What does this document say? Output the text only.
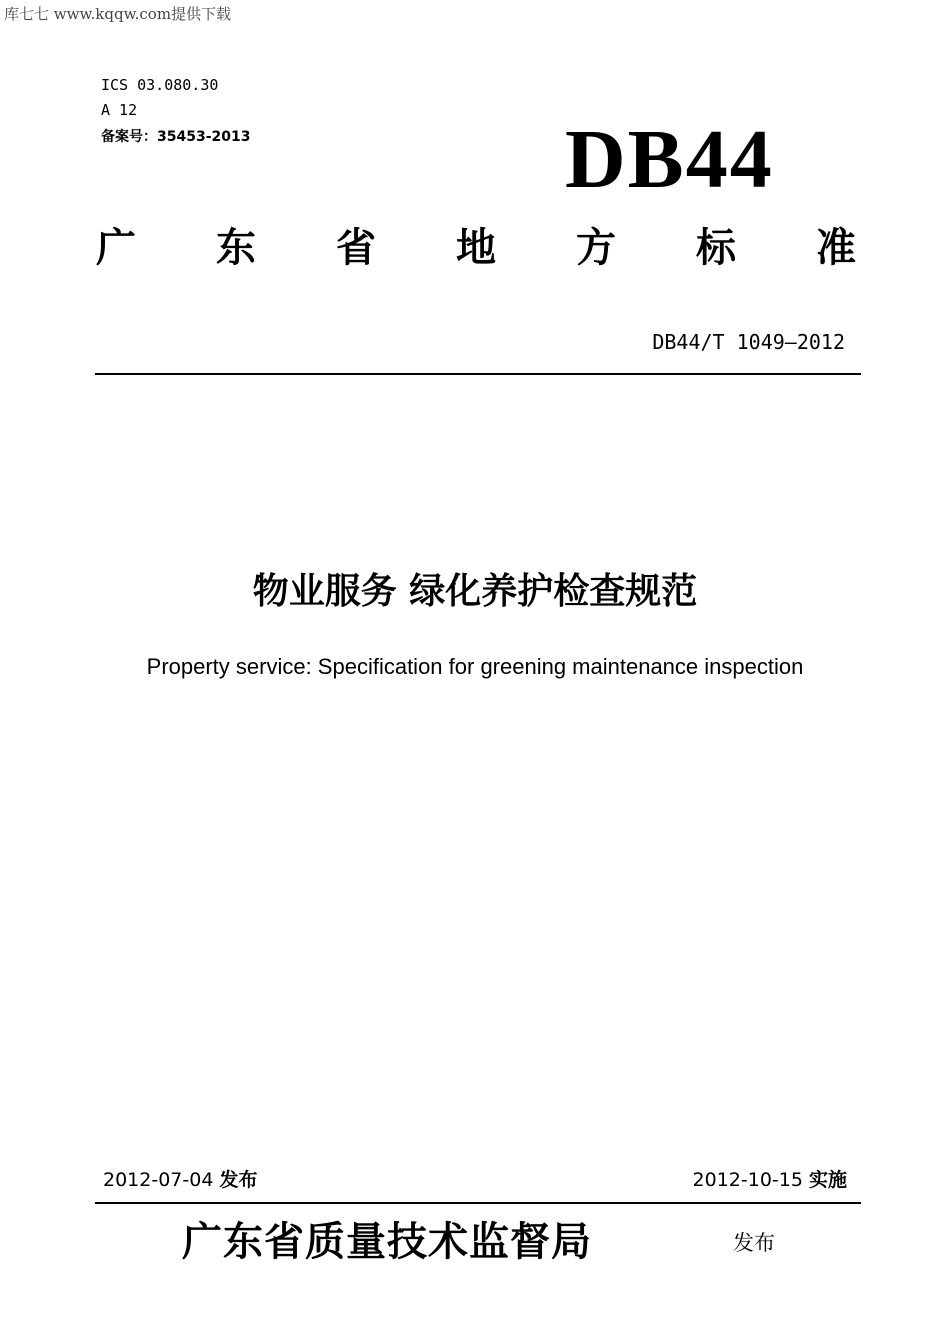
库七七 www.kqqw.com提供下载
ICS 03.080.30
A 12
备案号：35453-2013	DB44
广 东 省 地 方 标 准
DB44/T 1049—2012
物业服务 绿化养护检查规范
Property service: Specification for greening maintenance inspection
2012-07-04 发布	2012-10-15 实施
广东省质量技术监督局	发布
